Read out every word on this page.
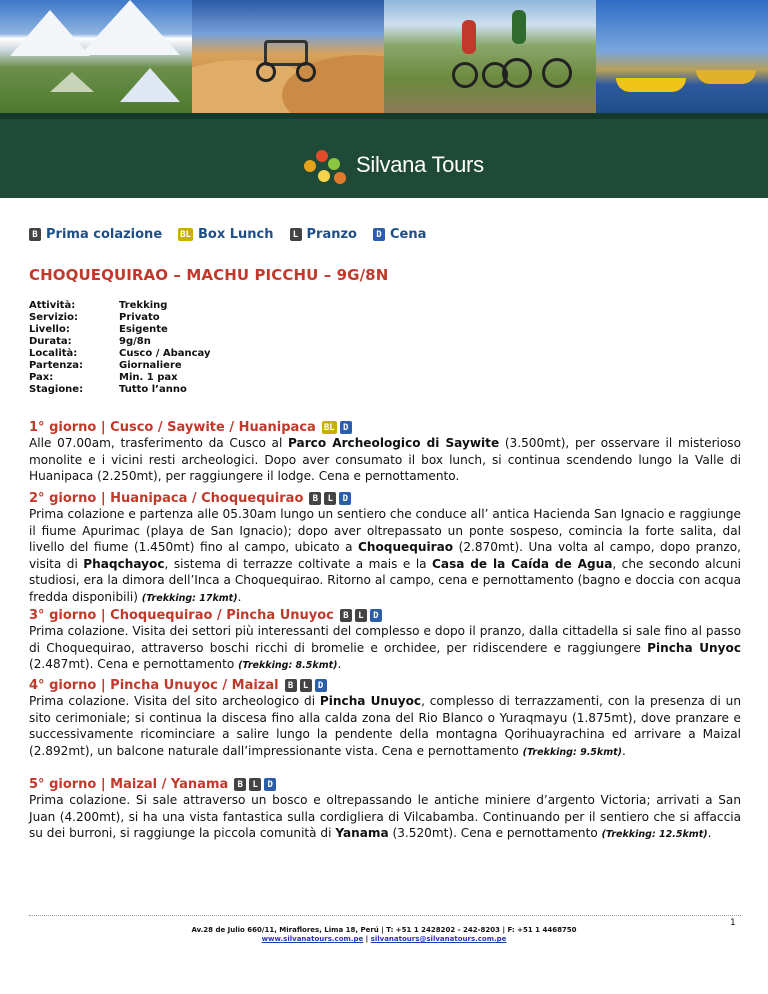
Silvana Tours
B Prima colazione BL Box Lunch	L Pranzo	D Cena
CHOQUEQUIRAO – MACHU PICCHU – 9G/8N
Attività:	Trekking
Servizio:	Privato
Livello:	Esigente
Durata:	9g/8n
Località:	Cusco / Abancay
Partenza:	Giornaliere
Pax:	Min. 1 pax
Stagione:	Tutto l’anno
1° giorno | Cusco / Saywite / Huanipaca BL D

Alle 07.00am, trasferimento da Cusco al Parco Archeologico di Saywite (3.500mt), per osservare il misterioso monolite e i vicini resti archeologici. Dopo aver consumato il box lunch, si continua scendendo lungo la Valle di Huanipaca (2.250mt), per raggiungere il lodge. Cena e pernottamento.

2° giorno | Huanipaca / Choquequirao	B	L	D

Prima colazione e partenza alle 05.30am lungo un sentiero che conduce all’ antica Hacienda San Ignacio e raggiunge il fiume Apurimac (playa de San Ignacio); dopo aver oltrepassato un ponte sospeso, comincia la forte salita, dal livello del fiume (1.450mt) fino al campo, ubicato a Choquequirao (2.870mt). Una volta al campo, dopo pranzo, visita di Phaqchayoc, sistema di terrazze coltivate a mais e la Casa de la Caída de Agua, che secondo alcuni studiosi, era la dimora dell’Inca a Choquequirao. Ritorno al campo, cena e pernottamento (bagno e doccia con acqua fredda disponibili) (Trekking: 17kmt).

3° giorno | Choquequirao / Pincha Unuyoc	B	L	D

Prima colazione. Visita dei settori più interessanti del complesso e dopo il pranzo, dalla cittadella si sale fino al passo di Choquequirao, attraverso boschi ricchi di bromelie e orchidee, per ridiscendere e raggiungere Pincha Unyoc (2.487mt). Cena e pernottamento (Trekking: 8.5kmt).

4° giorno | Pincha Unuyoc / Maizal	B	L	D

Prima colazione. Visita del sito archeologico di Pincha Unuyoc, complesso di terrazzamenti, con la presenza di un sito cerimoniale; si continua la discesa fino alla calda zona del Rio Blanco o Yuraqmayu (1.875mt), dove pranzare e successivamente ricominciare a salire lungo la pendente della montagna Qorihuayrachina ed arrivare a Maizal (2.892mt), un balcone naturale dall’impressionante vista. Cena e pernottamento (Trekking: 9.5kmt).

5° giorno | Maizal / Yanama	B	L	D

Prima colazione. Si sale attraverso un bosco e oltrepassando le antiche miniere d’argento Victoria; arrivati a San Juan (4.200mt), si ha una vista fantastica sulla cordigliera di Vilcabamba. Continuando per il sentiero che si affaccia su dei burroni, si raggiunge la piccola comunità di Yanama (3.520mt). Cena e pernottamento (Trekking: 12.5kmt).

1
Av.28 de Julio 660/11, Miraflores, Lima 18, Perú | T: +51 1 2428202 - 242-8203 | F: +51 1 4468750
www.silvanatours.com.pe | silvanatours@silvanatours.com.pe
